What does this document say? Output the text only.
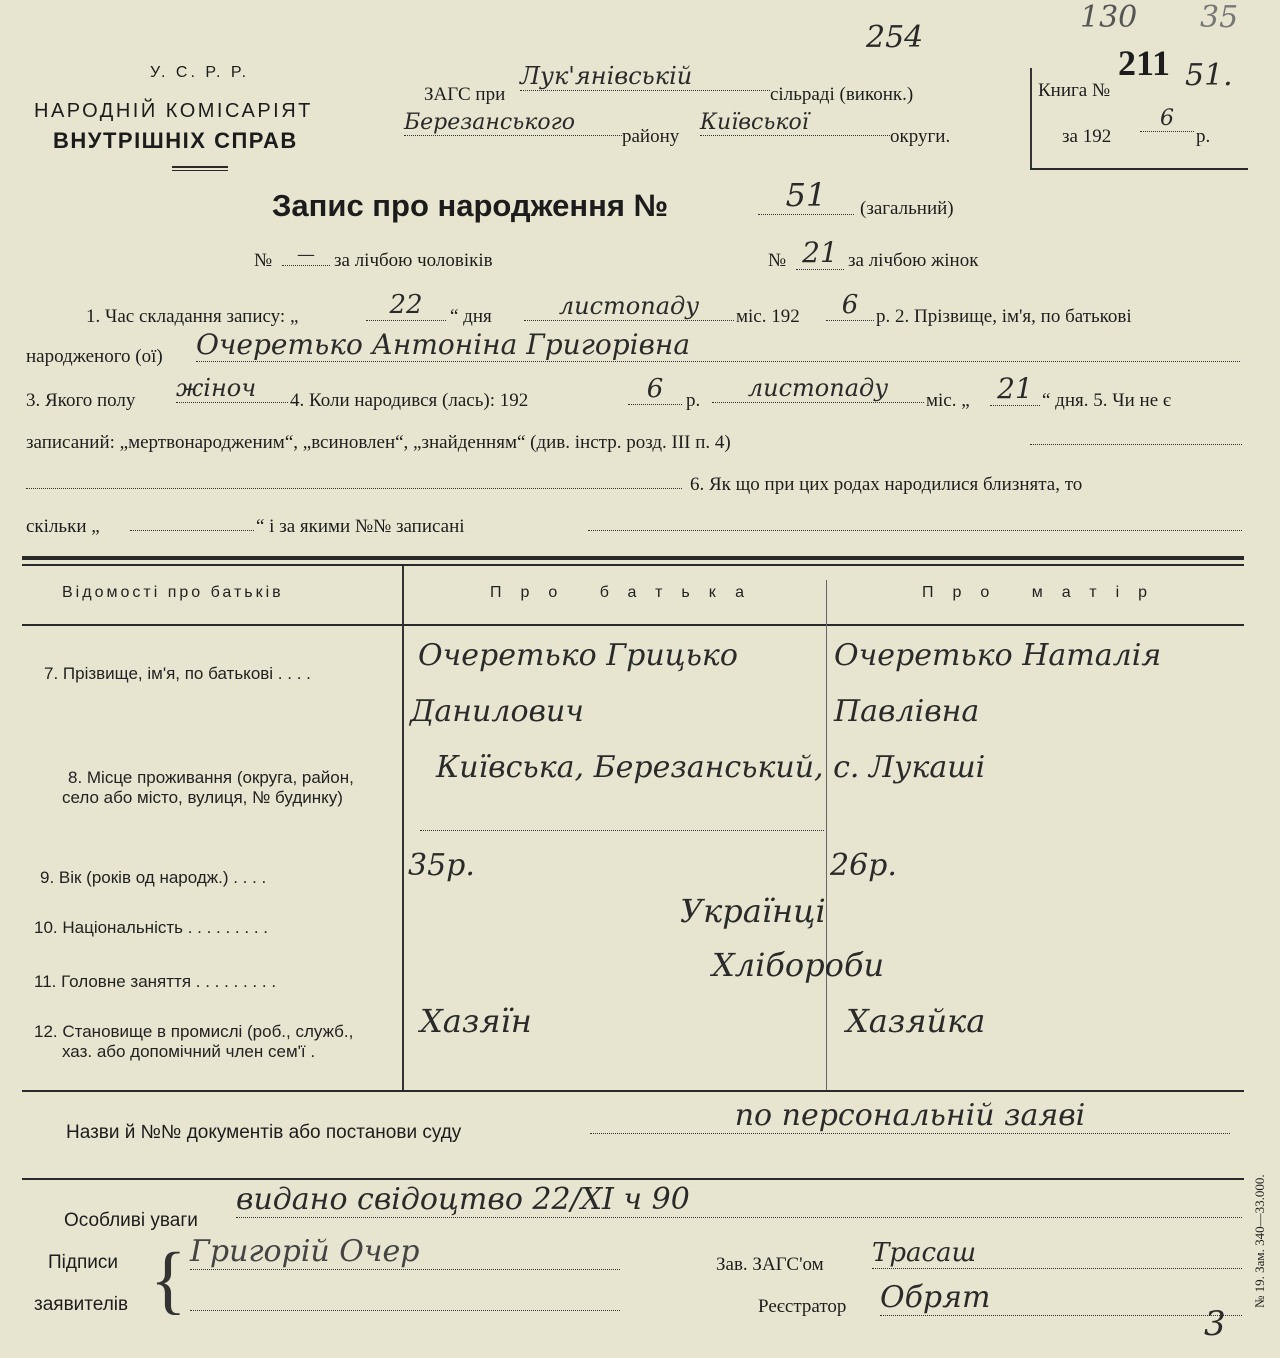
У. С. Р. Р.
НАРОДНІЙ КОМІСАРІЯТ
ВНУТРІШНІХ СПРАВ
ЗАГС при
Лук'янівській
сільраді (виконк.)
Березанського
району
Київської
округи.
254
130 35
Книга №
211 51.
за 192
6
р.
Запис про народження №	51	(загальний)
№	—	за лічбою чоловіків	№ 21 за лічбою жінок
1. Час складання запису: „	22	“ дня	листопаду	міс. 192	6 р. 2. Прізвище, ім'я, по батькові
народженого (ої) Очеретько Антоніна Григорівна
3. Якого полу жіноч	4. Коли народився (лась): 192	6	р.	листопаду	міс. „ 21 “ дня. 5. Чи не є
записаний: „мертвонародженим“, „всиновлен“, „знайденням“ (див. інстр. розд. III п. 4)
6. Як що при цих родах народилися близнята, то
скільки „	“ і за якими №№ записані
Відомості про батьків	Про батька	Про матір
7. Прізвище, ім'я, по батькові . . . .
Очеретько Грицько	Очеретько Наталія
Данилович	Павлівна
8. Місце проживання (округа, район,
село або місто, вулиця, № будинку)
Київська, Березанський, с. Лукаші
9. Вік (років од народж.) . . . .	35р.	26р.
10. Національність . . . . . . . . .	Українці
11. Головне заняття . . . . . . . . .	Хлібороби
12. Становище в промислі (роб., служб.,
хаз. або допомічний член сем'ї .
Хазяїн	Хазяйка
Назви й №№ документів або постанови суду	по персональній заяві
Особливі уваги
видано свідоцтво 22/XI ч 90
Підписи
заявителів { Григорій Очер	Зав. ЗАГС'ом Трасаш
Реєстратор Обрят
3
№ 19. Зам. 340—33.000.
